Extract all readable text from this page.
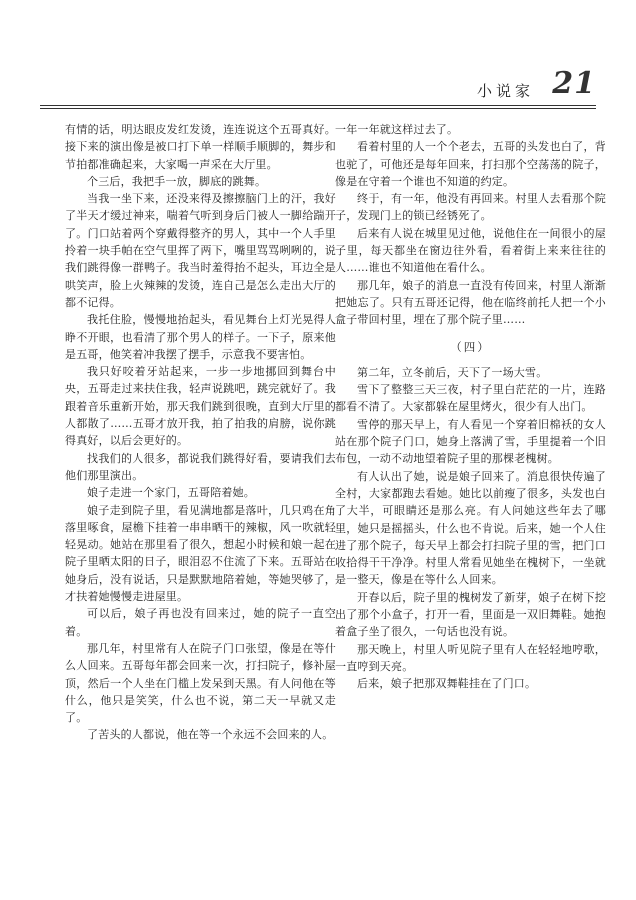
小说家 21

有情的话，明达眼皮发红发烫，连连说这个五哥真好。接下来的演出像是被口打下单一样顺手顺脚的，舞步和节拍都准确起来，大家喝一声采在大厅里。

个三后，我把手一放，脚底的跳舞。

当我一坐下来，还没来得及擦擦脑门上的汗，我好了半天才缓过神来，喘着气听到身后门被人一脚给踹开了。门口站着两个穿戴得整齐的男人，其中一个人手里拎着一块手帕在空气里挥了两下，嘴里骂骂咧咧的，说我们跳得像一群鸭子。我当时羞得抬不起头，耳边全是哄笑声，脸上火辣辣的发烫，连自己是怎么走出大厅的都不记得。

我托住脸，慢慢地抬起头，看见舞台上灯光晃得人睁不开眼，也看清了那个男人的样子。一下子，原来他是五哥，他笑着冲我摆了摆手，示意我不要害怕。

我只好咬着牙站起来，一步一步地挪回到舞台中央，五哥走过来扶住我，轻声说跳吧，跳完就好了。我跟着音乐重新开始，那天我们跳到很晚，直到大厅里的人都散了……五哥才放开我，拍了拍我的肩膀，说你跳得真好，以后会更好的。

找我们的人很多，都说我们跳得好看，要请我们去他们那里演出。

娘子走进一个家门，五哥陪着她。

娘子走到院子里，看见满地都是落叶，几只鸡在角落里啄食，屋檐下挂着一串串晒干的辣椒，风一吹就轻轻晃动。她站在那里看了很久，想起小时候和娘一起在院子里晒太阳的日子，眼泪忍不住流了下来。五哥站在她身后，没有说话，只是默默地陪着她，等她哭够了，才扶着她慢慢走进屋里。

可以后，娘子再也没有回来过，她的院子一直空着。

那几年，村里常有人在院子门口张望，像是在等什么人回来。五哥每年都会回来一次，打扫院子，修补屋顶，然后一个人坐在门槛上发呆到天黑。有人问他在等什么，他只是笑笑，什么也不说，第二天一早就又走了。

了苦头的人都说，他在等一个永远不会回来的人。

一年一年就这样过去了。

看着村里的人一个个老去，五哥的头发也白了，背也驼了，可他还是每年回来，打扫那个空荡荡的院子，像是在守着一个谁也不知道的约定。

终于，有一年，他没有再回来。村里人去看那个院子，发现门上的锁已经锈死了。

后来有人说在城里见过他，说他住在一间很小的屋子里，每天都坐在窗边往外看，看着街上来来往往的人……谁也不知道他在看什么。

那几年，娘子的消息一直没有传回来，村里人渐渐把她忘了。只有五哥还记得，他在临终前托人把一个小盒子带回村里，埋在了那个院子里……

（四）

第二年，立冬前后，天下了一场大雪。

雪下了整整三天三夜，村子里白茫茫的一片，连路都看不清了。大家都躲在屋里烤火，很少有人出门。

雪停的那天早上，有人看见一个穿着旧棉袄的女人站在那个院子门口，她身上落满了雪，手里提着一个旧布包，一动不动地望着院子里的那棵老槐树。

有人认出了她，说是娘子回来了。消息很快传遍了全村，大家都跑去看她。她比以前瘦了很多，头发也白了大半，可眼睛还是那么亮。有人问她这些年去了哪里，她只是摇摇头，什么也不肯说。后来，她一个人住进了那个院子，每天早上都会打扫院子里的雪，把门口收拾得干干净净。村里人常看见她坐在槐树下，一坐就是一整天，像是在等什么人回来。

开春以后，院子里的槐树发了新芽，娘子在树下挖出了那个小盒子，打开一看，里面是一双旧舞鞋。她抱着盒子坐了很久，一句话也没有说。

那天晚上，村里人听见院子里有人在轻轻地哼歌，一直哼到天亮。

后来，娘子把那双舞鞋挂在了门口。
